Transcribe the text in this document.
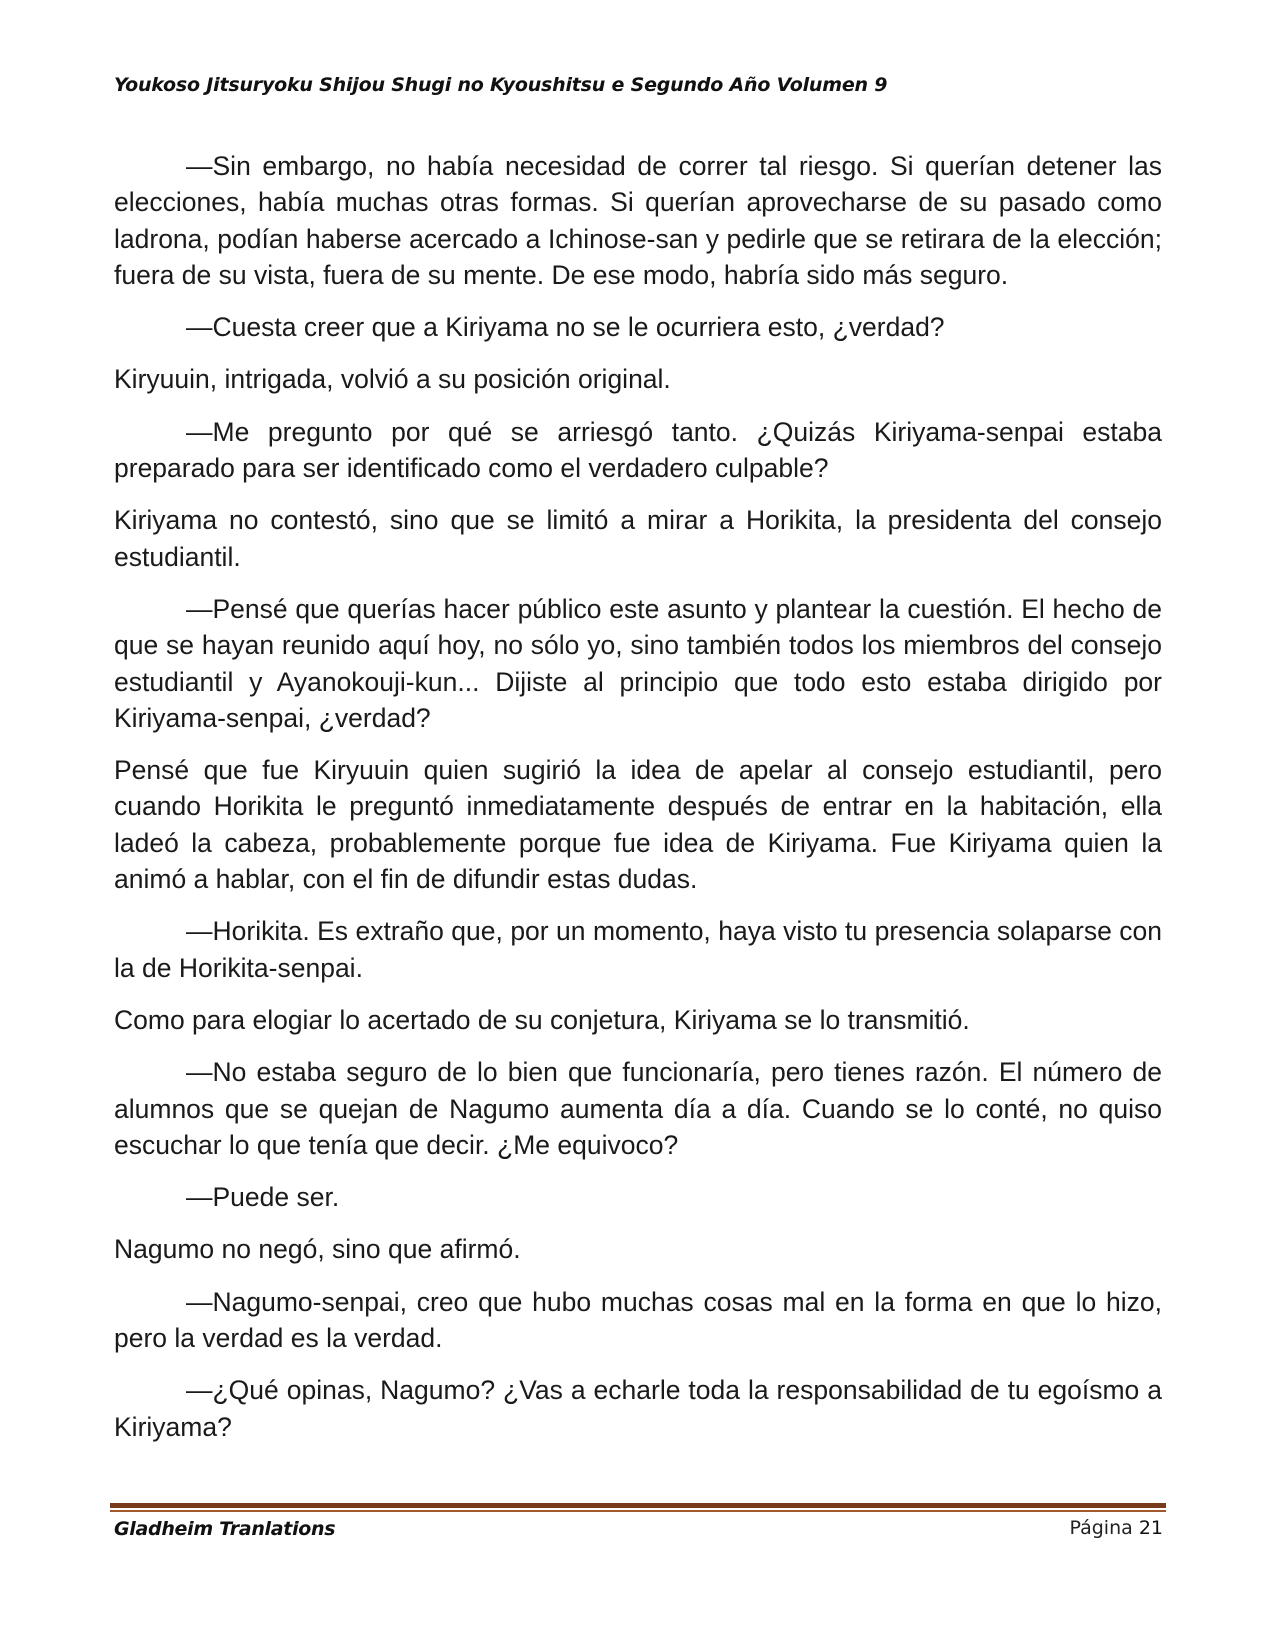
Youkoso Jitsuryoku Shijou Shugi no Kyoushitsu e Segundo Año Volumen 9

—Sin embargo, no había necesidad de correr tal riesgo. Si querían detener las elecciones, había muchas otras formas. Si querían aprovecharse de su pasado como ladrona, podían haberse acercado a Ichinose-san y pedirle que se retirara de la elección; fuera de su vista, fuera de su mente. De ese modo, habría sido más seguro.

—Cuesta creer que a Kiriyama no se le ocurriera esto, ¿verdad?

Kiryuuin, intrigada, volvió a su posición original.

—Me pregunto por qué se arriesgó tanto. ¿Quizás Kiriyama-senpai estaba preparado para ser identificado como el verdadero culpable?

Kiriyama no contestó, sino que se limitó a mirar a Horikita, la presidenta del consejo estudiantil.

—Pensé que querías hacer público este asunto y plantear la cuestión. El hecho de que se hayan reunido aquí hoy, no sólo yo, sino también todos los miembros del consejo estudiantil y Ayanokouji-kun... Dijiste al principio que todo esto estaba dirigido por Kiriyama-senpai, ¿verdad?

Pensé que fue Kiryuuin quien sugirió la idea de apelar al consejo estudiantil, pero cuando Horikita le preguntó inmediatamente después de entrar en la habitación, ella ladeó la cabeza, probablemente porque fue idea de Kiriyama. Fue Kiriyama quien la animó a hablar, con el fin de difundir estas dudas.

—Horikita. Es extraño que, por un momento, haya visto tu presencia solaparse con la de Horikita-senpai.

Como para elogiar lo acertado de su conjetura, Kiriyama se lo transmitió.

—No estaba seguro de lo bien que funcionaría, pero tienes razón. El número de alumnos que se quejan de Nagumo aumenta día a día. Cuando se lo conté, no quiso escuchar lo que tenía que decir. ¿Me equivoco?

—Puede ser.

Nagumo no negó, sino que afirmó.

—Nagumo-senpai, creo que hubo muchas cosas mal en la forma en que lo hizo, pero la verdad es la verdad.

—¿Qué opinas, Nagumo? ¿Vas a echarle toda la responsabilidad de tu egoísmo a Kiriyama?

Gladheim Tranlations	Página 21
